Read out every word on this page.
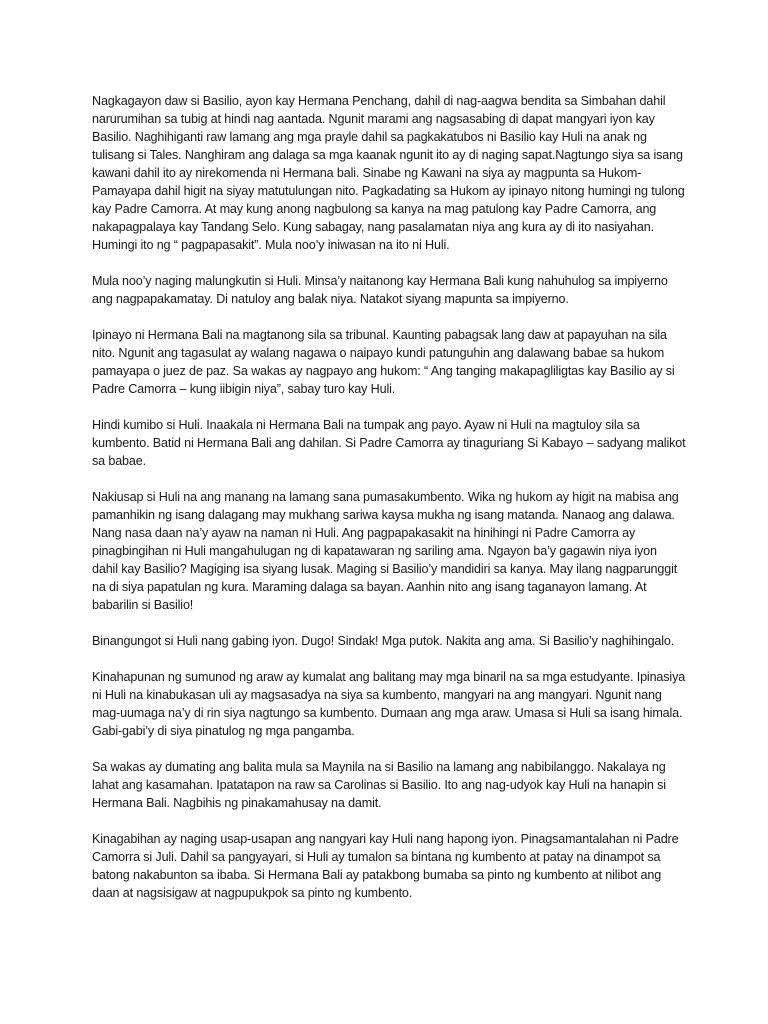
Nagkagayon daw si Basilio, ayon kay Hermana Penchang, dahil di nag-aagwa bendita sa Simbahan dahil narurumihan sa tubig at hindi nag aantada. Ngunit marami ang nagsasabing di dapat mangyari iyon kay Basilio. Naghihiganti raw lamang ang mga prayle dahil sa pagkakatubos ni Basilio kay Huli na anak ng tulisang si Tales. Nanghiram ang dalaga sa mga kaanak ngunit ito ay di naging sapat.Nagtungo siya sa isang kawani dahil ito ay nirekomenda ni Hermana bali. Sinabe ng Kawani na siya ay magpunta sa Hukom-Pamayapa dahil higit na siyay matutulungan nito. Pagkadating sa Hukom ay ipinayo nitong humingi ng tulong kay Padre Camorra. At may kung anong nagbulong sa kanya na mag patulong kay Padre Camorra, ang nakapagpalaya kay Tandang Selo. Kung sabagay, nang pasalamatan niya ang kura ay di ito nasiyahan. Humingi ito ng “ pagpapasakit”. Mula noo’y iniwasan na ito ni Huli.

Mula noo’y naging malungkutin si Huli. Minsa’y naitanong kay Hermana Bali kung nahuhulog sa impiyerno ang nagpapakamatay. Di natuloy ang balak niya. Natakot siyang mapunta sa impiyerno.

Ipinayo ni Hermana Bali na magtanong sila sa tribunal. Kaunting pabagsak lang daw at papayuhan na sila nito. Ngunit ang tagasulat ay walang nagawa o naipayo kundi patunguhin ang dalawang babae sa hukom pamayapa o juez de paz. Sa wakas ay nagpayo ang hukom: “ Ang tanging makapagliligtas kay Basilio ay si Padre Camorra – kung iibigin niya”, sabay turo kay Huli.

Hindi kumibo si Huli. Inaakala ni Hermana Bali na tumpak ang payo. Ayaw ni Huli na magtuloy sila sa kumbento. Batid ni Hermana Bali ang dahilan. Si Padre Camorra ay tinaguriang Si Kabayo – sadyang malikot sa babae.

Nakiusap si Huli na ang manang na lamang sana pumasakumbento. Wika ng hukom ay higit na mabisa ang pamanhikin ng isang dalagang may mukhang sariwa kaysa mukha ng isang matanda. Nanaog ang dalawa. Nang nasa daan na’y ayaw na naman ni Huli. Ang pagpapakasakit na hinihingi ni Padre Camorra ay pinagbingihan ni Huli mangahulugan ng di kapatawaran ng sariling ama. Ngayon ba’y gagawin niya iyon dahil kay Basilio? Magiging isa siyang lusak. Maging si Basilio’y mandidiri sa kanya. May ilang nagparunggit na di siya papatulan ng kura. Maraming dalaga sa bayan. Aanhin nito ang isang taganayon lamang. At babarilin si Basilio!

Binangungot si Huli nang gabing iyon. Dugo! Sindak! Mga putok. Nakita ang ama. Si Basilio’y naghihingalo.

Kinahapunan ng sumunod ng araw ay kumalat ang balitang may mga binaril na sa mga estudyante. Ipinasiya ni Huli na kinabukasan uli ay magsasadya na siya sa kumbento, mangyari na ang mangyari. Ngunit nang mag-uumaga na’y di rin siya nagtungo sa kumbento. Dumaan ang mga araw. Umasa si Huli sa isang himala. Gabi-gabi’y di siya pinatulog ng mga pangamba.

Sa wakas ay dumating ang balita mula sa Maynila na si Basilio na lamang ang nabibilanggo. Nakalaya ng lahat ang kasamahan. Ipatatapon na raw sa Carolinas si Basilio. Ito ang nag-udyok kay Huli na hanapin si Hermana Bali. Nagbihis ng pinakamahusay na damit.

Kinagabihan ay naging usap-usapan ang nangyari kay Huli nang hapong iyon. Pinagsamantalahan ni Padre Camorra si Juli. Dahil sa pangyayari, si Huli ay tumalon sa bintana ng kumbento at patay na dinampot sa batong nakabunton sa ibaba. Si Hermana Bali ay patakbong bumaba sa pinto ng kumbento at nilibot ang daan at nagsisigaw at nagpupukpok sa pinto ng kumbento.
